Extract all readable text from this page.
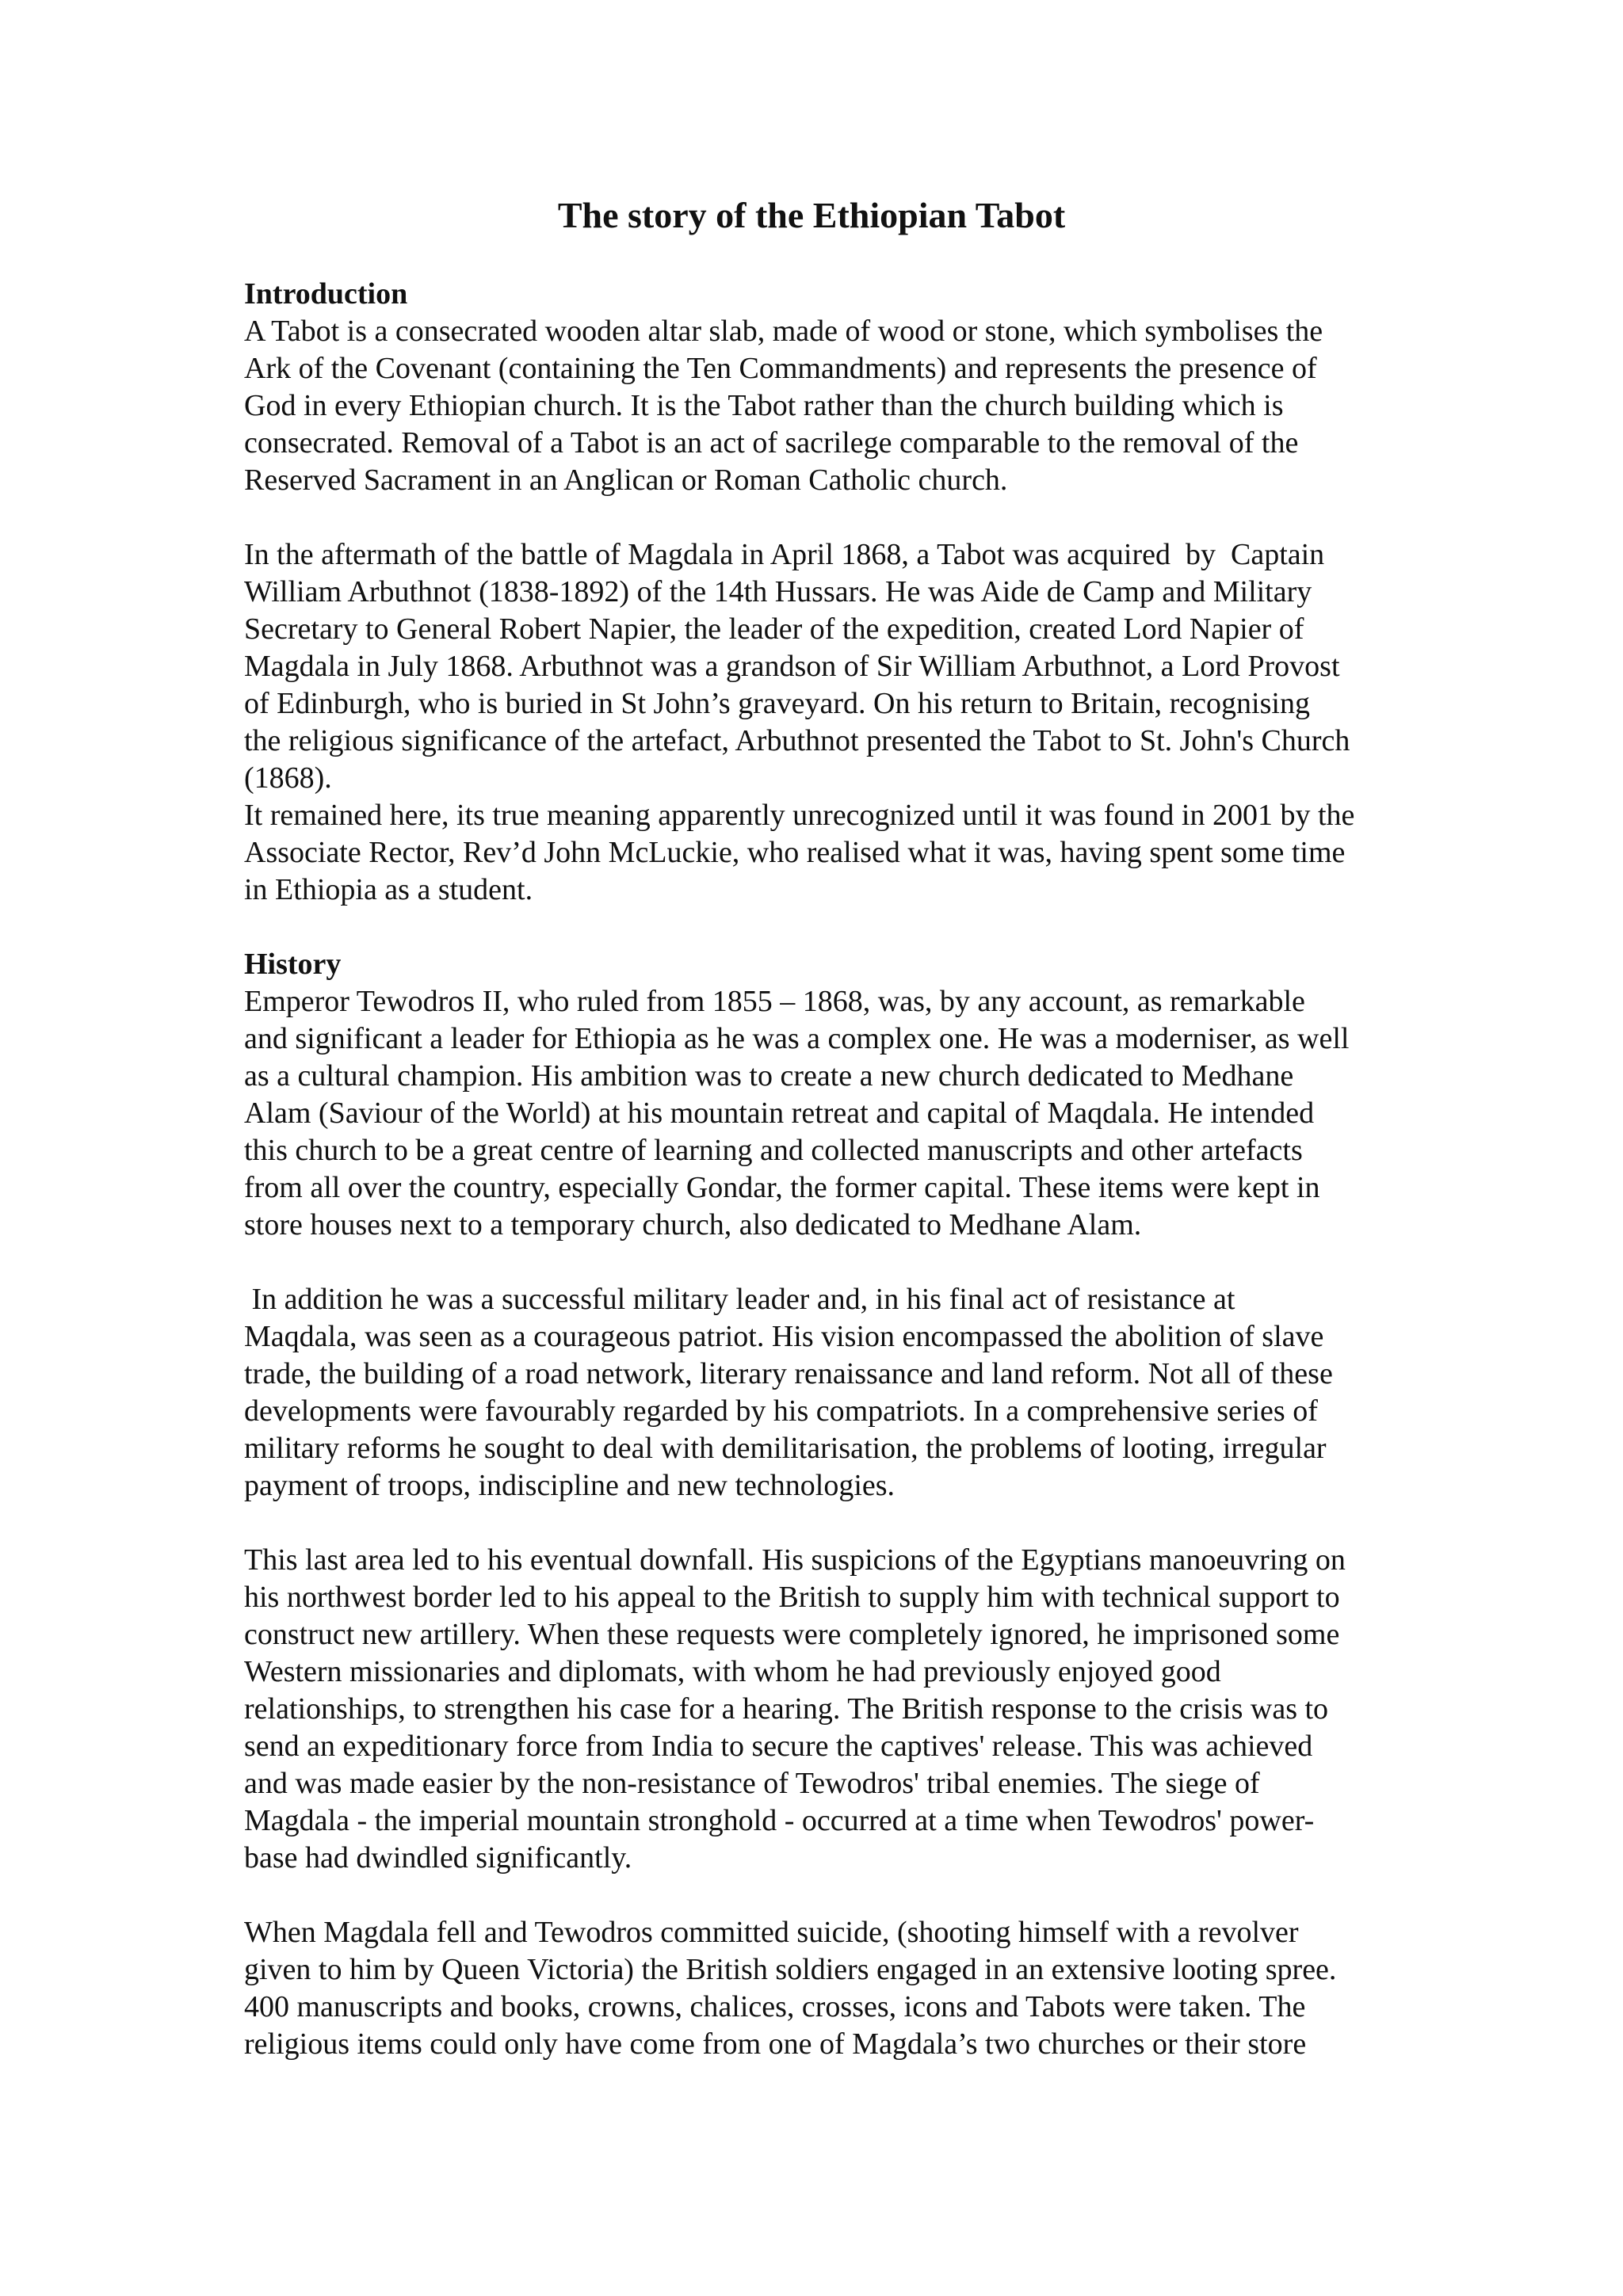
The story of the Ethiopian Tabot
Introduction
A Tabot is a consecrated wooden altar slab, made of wood or stone, which symbolises the
Ark of the Covenant (containing the Ten Commandments) and represents the presence of
God in every Ethiopian church. It is the Tabot rather than the church building which is
consecrated. Removal of a Tabot is an act of sacrilege comparable to the removal of the
Reserved Sacrament in an Anglican or Roman Catholic church.
In the aftermath of the battle of Magdala in April 1868, a Tabot was acquired  by  Captain
William Arbuthnot (1838-1892) of the 14th Hussars. He was Aide de Camp and Military
Secretary to General Robert Napier, the leader of the expedition, created Lord Napier of
Magdala in July 1868. Arbuthnot was a grandson of Sir William Arbuthnot, a Lord Provost
of Edinburgh, who is buried in St John’s graveyard. On his return to Britain, recognising
the religious significance of the artefact, Arbuthnot presented the Tabot to St. John's Church
(1868).
It remained here, its true meaning apparently unrecognized until it was found in 2001 by the
Associate Rector, Rev’d John McLuckie, who realised what it was, having spent some time
in Ethiopia as a student.
History
Emperor Tewodros II, who ruled from 1855 – 1868, was, by any account, as remarkable
and significant a leader for Ethiopia as he was a complex one. He was a moderniser, as well
as a cultural champion. His ambition was to create a new church dedicated to Medhane
Alam (Saviour of the World) at his mountain retreat and capital of Maqdala. He intended
this church to be a great centre of learning and collected manuscripts and other artefacts
from all over the country, especially Gondar, the former capital. These items were kept in
store houses next to a temporary church, also dedicated to Medhane Alam.
In addition he was a successful military leader and, in his final act of resistance at
Maqdala, was seen as a courageous patriot. His vision encompassed the abolition of slave
trade, the building of a road network, literary renaissance and land reform. Not all of these
developments were favourably regarded by his compatriots. In a comprehensive series of
military reforms he sought to deal with demilitarisation, the problems of looting, irregular
payment of troops, indiscipline and new technologies.
This last area led to his eventual downfall. His suspicions of the Egyptians manoeuvring on
his northwest border led to his appeal to the British to supply him with technical support to
construct new artillery. When these requests were completely ignored, he imprisoned some
Western missionaries and diplomats, with whom he had previously enjoyed good
relationships, to strengthen his case for a hearing. The British response to the crisis was to
send an expeditionary force from India to secure the captives' release. This was achieved
and was made easier by the non-resistance of Tewodros' tribal enemies. The siege of
Magdala - the imperial mountain stronghold - occurred at a time when Tewodros' power-
base had dwindled significantly.
When Magdala fell and Tewodros committed suicide, (shooting himself with a revolver
given to him by Queen Victoria) the British soldiers engaged in an extensive looting spree.
400 manuscripts and books, crowns, chalices, crosses, icons and Tabots were taken. The
religious items could only have come from one of Magdala’s two churches or their store
